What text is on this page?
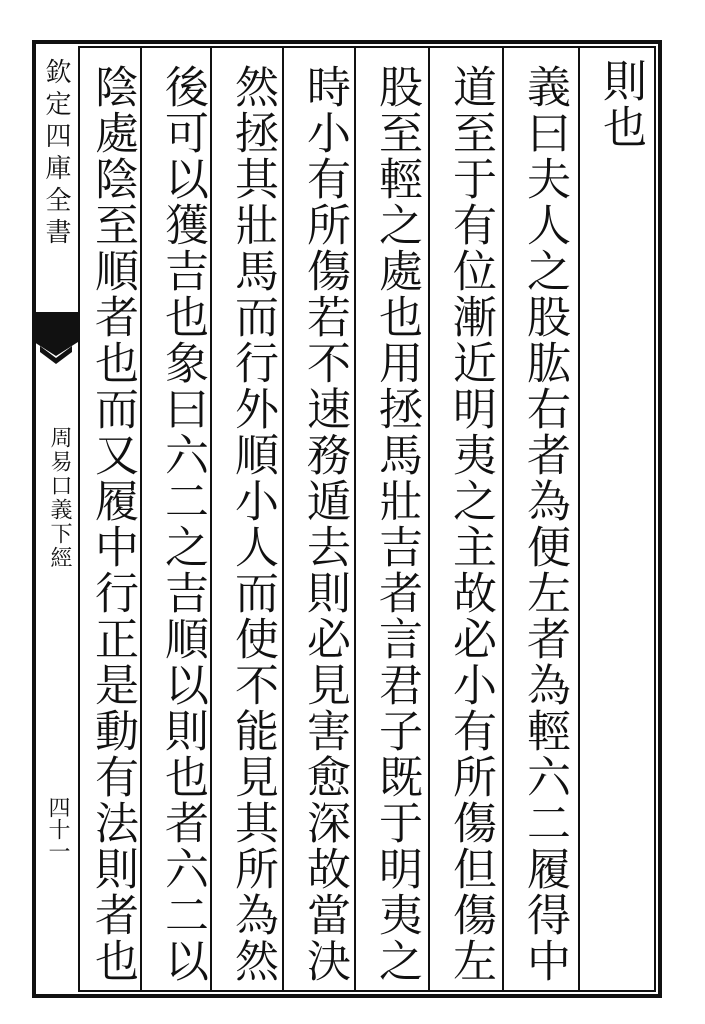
欽定四庫全書
周易口義下經
四十一
則也
義曰夫人之股肱右者為便左者為輕六二履得中
道至于有位漸近明夷之主故必小有所傷但傷左
股至輕之處也用拯馬壯吉者言君子既于明夷之
時小有所傷若不速務遁去則必見害愈深故當決
然拯其壯馬而行外順小人而使不能見其所為然
後可以獲吉也象曰六二之吉順以則也者六二以
陰處陰至順者也而又履中行正是動有法則者也
